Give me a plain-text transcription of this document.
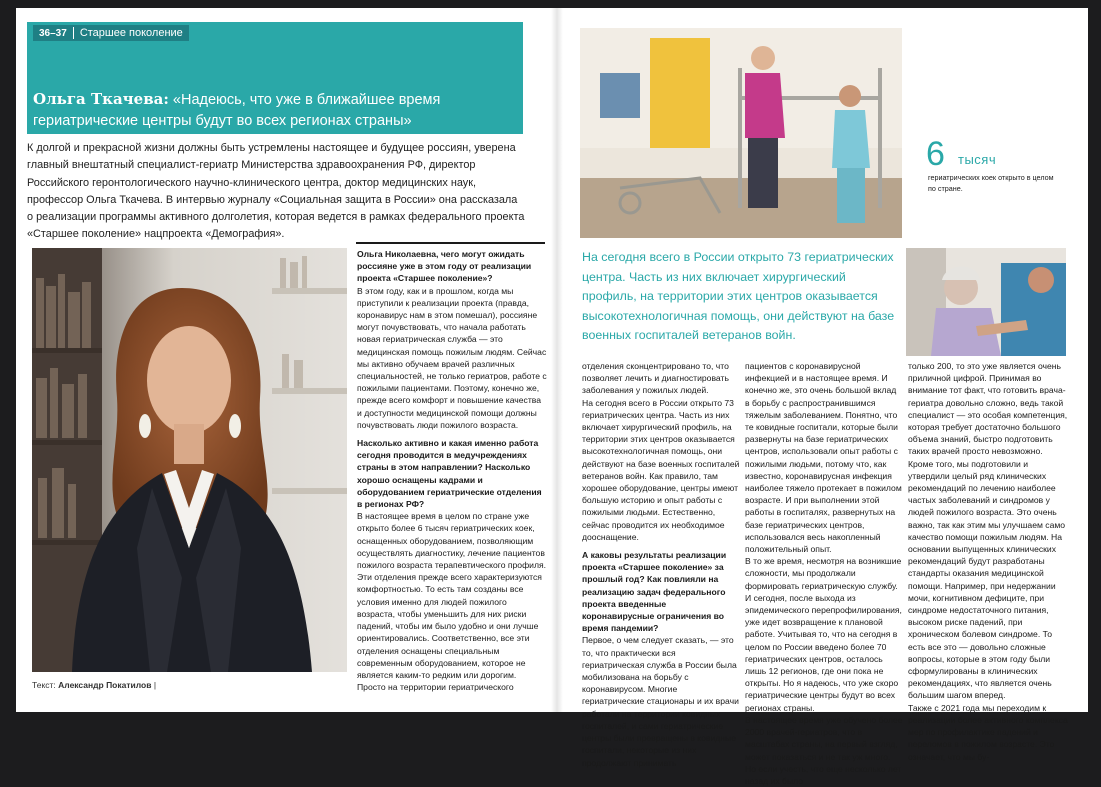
36–37 Старшее поколение
Ольга Ткачева: «Надеюсь, что уже в ближайшее время гериатрические центры будут во всех регионах страны»
К долгой и прекрасной жизни должны быть устремлены настоящее и будущее россиян, уверена главный внештатный специалист-гериатр Министерства здравоохранения РФ, директор Российского геронтологического научно-клинического центра, доктор медицинских наук, профессор Ольга Ткачева. В интервью журналу «Социальная защита в России» она рассказала о реализации программы активного долголетия, которая ведется в рамках федерального проекта «Старшее поколение» нацпроекта «Демография».
Текст: Александр Покатилов |

Ольга Николаевна, чего могут ожидать россияне уже в этом году от реализации проекта «Старшее поколение»?

В этом году, как и в прошлом, когда мы приступили к реализации проекта (правда, коронавирус нам в этом помешал), россияне могут почувствовать, что начала работать новая гериатрическая служба — это медицинская помощь пожилым людям. Сейчас мы активно обучаем врачей различных специальностей, не только гериатров, работе с пожилыми пациентами. Поэтому, конечно же, прежде всего комфорт и повышение качества и доступности медицинской помощи должны почувствовать люди пожилого возраста.

Насколько активно и какая именно работа сегодня проводится в медучреждениях страны в этом направлении? Насколько хорошо оснащены кадрами и оборудованием гериатрические отделения в регионах РФ?

В настоящее время в целом по стране уже открыто более 6 тысяч гериатрических коек, оснащенных оборудованием, позволяющим осуществлять диагностику, лечение пациентов пожилого возраста терапевтического профиля. Эти отделения прежде всего характеризуются комфортностью. То есть там созданы все условия именно для людей пожилого возраста, чтобы уменьшить для них риски падений, чтобы им было удобно и они лучше ориентировались. Соответственно, все эти отделения оснащены специальным современным оборудованием, которое не является каким-то редким или дорогим. Просто на территории гериатрического

6 тысяч
гериатрических коек открыто в целом по стране.
На сегодня всего в России открыто 73 гериатрических центра. Часть из них включает хирургический профиль, на территории этих центров оказывается высокотехнологичная помощь, они действуют на базе военных госпиталей ветеранов войн.

отделения сконцентрировано то, что позволяет лечить и диагностировать заболевания у пожилых людей.

На сегодня всего в России открыто 73 гериатрических центра. Часть из них включает хирургический профиль, на территории этих центров оказывается высокотехнологичная помощь, они действуют на базе военных госпиталей ветеранов войн. Как правило, там хорошее оборудование, центры имеют большую историю и опыт работы с пожилыми людьми. Естественно, сейчас проводится их необходимое дооснащение.

А каковы результаты реализации проекта «Старшее поколение» за прошлый год? Как повлияли на реализацию задач федерального проекта введенные коронавирусные ограничения во время пандемии?

Первое, о чем следует сказать, — это то, что практически вся гериатрическая служба в России была мобилизована на борьбу с коронавирусом. Многие гериатрические стационары и их врачи работали на территории ковидных госпиталей, и сами гериатрические центры были превращены в ковидные госпитали, некоторые из них продолжают принимать

пациентов с коронавирусной инфекцией и в настоящее время. И конечно же, это очень большой вклад в борьбу с распространившимся тяжелым заболеванием. Понятно, что те ковидные госпитали, которые были развернуты на базе гериатрических центров, использовали опыт работы с пожилыми людьми, потому что, как известно, коронавирусная инфекция наиболее тяжело протекает в пожилом возрасте. И при выполнении этой работы в госпиталях, развернутых на базе гериатрических центров, использовался весь накопленный положительный опыт.

В то же время, несмотря на возникшие сложности, мы продолжали формировать гериатрическую службу. И сегодня, после выхода из эпидемического перепрофилирования, уже идет возвращение к плановой работе. Учитывая то, что на сегодня в целом по России введено более 70 гериатрических центров, осталось лишь 12 регионов, где они пока не открыты. Но я надеюсь, что уже скоро гериатрические центры будут во всех регионах страны.

В настоящее время уже обучено более 2000 врачей-гериатров, что в масштабах страны, на первый взгляд, может показаться и не так уж много. Но если учесть, что еще несколько лет назад их было

только 200, то это уже является очень приличной цифрой. Принимая во внимание тот факт, что готовить врача-гериатра довольно сложно, ведь такой специалист — это особая компетенция, которая требует достаточно большого объема знаний, быстро подготовить таких врачей просто невозможно.

Кроме того, мы подготовили и утвердили целый ряд клинических рекомендаций по лечению наиболее частых заболеваний и синдромов у людей пожилого возраста. Это очень важно, так как этим мы улучшаем само качество помощи пожилым людям. На основании выпущенных клинических рекомендаций будут разработаны стандарты оказания медицинской помощи. Например, при недержании мочи, когнитивном дефиците, при синдроме недостаточного питания, высоком риске падений, при хроническом болевом синдроме. То есть все это — довольно сложные вопросы, которые в этом году были сформулированы в клинических рекомендациях, что является очень большим шагом вперед.

Также с 2021 года мы переходим к реализации более активного комплекса мер по профилактике падений и переломов в пожилом возрасте. Это означает, что мы бу-
